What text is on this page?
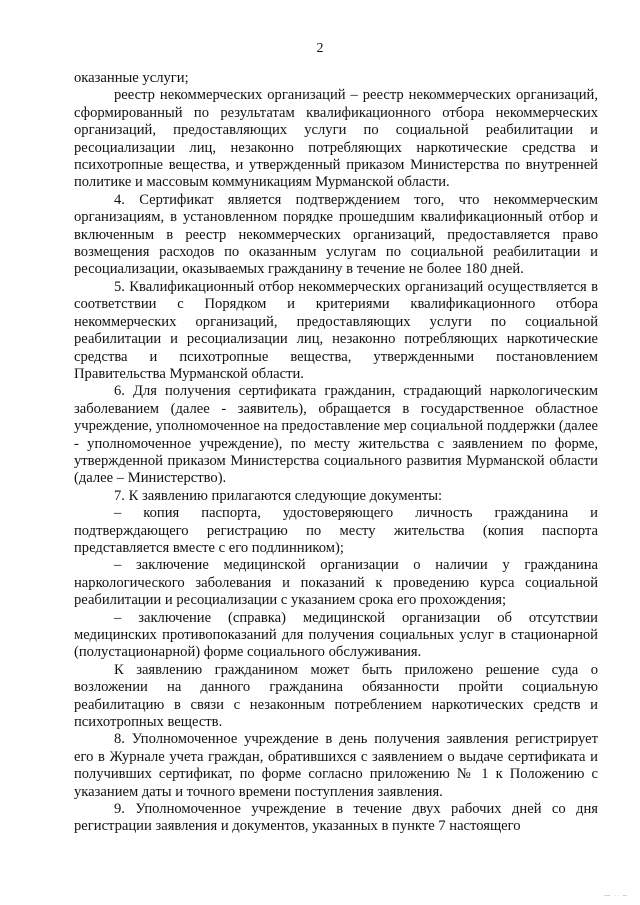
2

оказанные услуги;

реестр некоммерческих организаций – реестр некоммерческих организаций, сформированный по результатам квалификационного отбора некоммерческих организаций, предоставляющих услуги по социальной реабилитации и ресоциализации лиц, незаконно потребляющих наркотические средства и психотропные вещества, и утвержденный приказом Министерства по внутренней политике и массовым коммуникациям Мурманской области.

4. Сертификат является подтверждением того, что некоммерческим организациям, в установленном порядке прошедшим квалификационный отбор и включенным в реестр некоммерческих организаций, предоставляется право возмещения расходов по оказанным услугам по социальной реабилитации и ресоциализации, оказываемых гражданину в течение не более 180 дней.

5. Квалификационный отбор некоммерческих организаций осуществляется в соответствии с Порядком и критериями квалификационного отбора некоммерческих организаций, предоставляющих услуги по социальной реабилитации и ресоциализации лиц, незаконно потребляющих наркотические средства и психотропные вещества, утвержденными постановлением Правительства Мурманской области.

6. Для получения сертификата гражданин, страдающий наркологическим заболеванием (далее - заявитель), обращается в государственное областное учреждение, уполномоченное на предоставление мер социальной поддержки (далее - уполномоченное учреждение), по месту жительства с заявлением по форме, утвержденной приказом Министерства социального развития Мурманской области (далее – Министерство).

7. К заявлению прилагаются следующие документы:

– копия паспорта, удостоверяющего личность гражданина и подтверждающего регистрацию по месту жительства (копия паспорта представляется вместе с его подлинником);

– заключение медицинской организации о наличии у гражданина наркологического заболевания и показаний к проведению курса социальной реабилитации и ресоциализации с указанием срока его прохождения;

– заключение (справка) медицинской организации об отсутствии медицинских противопоказаний для получения социальных услуг в стационарной (полустационарной) форме социального обслуживания.

К заявлению гражданином может быть приложено решение суда о возложении на данного гражданина обязанности пройти социальную реабилитацию в связи с незаконным потреблением наркотических средств и психотропных веществ.

8. Уполномоченное учреждение в день получения заявления регистрирует его в Журнале учета граждан, обратившихся с заявлением о выдаче сертификата и получивших сертификат, по форме согласно приложению № 1 к Положению с указанием даты и точного времени поступления заявления.

9. Уполномоченное учреждение в течение двух рабочих дней со дня регистрации заявления и документов, указанных в пункте 7 настоящего

— ·· ─
